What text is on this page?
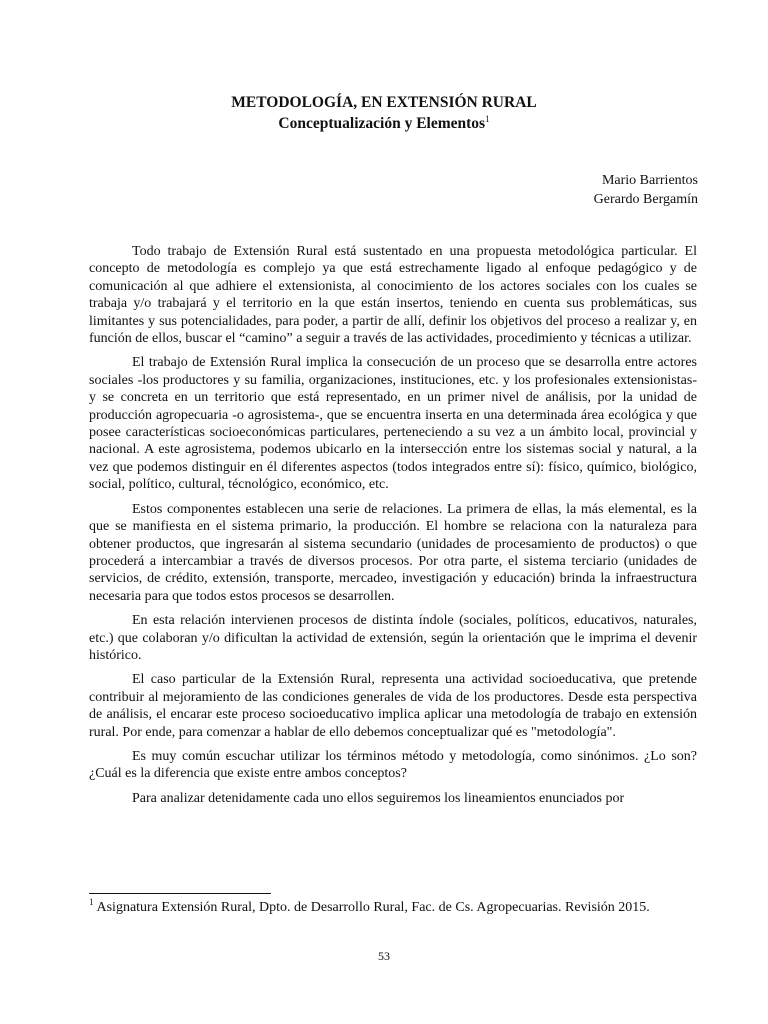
METODOLOGÍA, EN EXTENSIÓN RURAL
Conceptualización y Elementos$^1$
Mario Barrientos
Gerardo Bergamín

Todo trabajo de Extensión Rural está sustentado en una propuesta metodológica particular. El concepto de metodología es complejo ya que está estrechamente ligado al enfoque pedagógico y de comunicación al que adhiere el extensionista, al conocimiento de los actores sociales con los cuales se trabaja y/o trabajará y el territorio en la que están insertos, teniendo en cuenta sus problemáticas, sus limitantes y sus potencialidades, para poder, a partir de allí, definir los objetivos del proceso a realizar y, en función de ellos, buscar el “camino” a seguir a través de las actividades, procedimiento y técnicas a utilizar.

El trabajo de Extensión Rural implica la consecución de un proceso que se desarrolla entre actores sociales -los productores y su familia, organizaciones, instituciones, etc. y los profesionales extensionistas- y se concreta en un territorio que está representado, en un primer nivel de análisis, por la unidad de producción agropecuaria -o agrosistema-, que se encuentra inserta en una determinada área ecológica y que posee características socioeconómicas particulares, perteneciendo a su vez a un ámbito local, provincial y nacional. A este agrosistema, podemos ubicarlo en la intersección entre los sistemas social y natural, a la vez que podemos distinguir en él diferentes aspectos (todos integrados entre sí): físico, químico, biológico, social, político, cultural, técnológico, económico, etc.

Estos componentes establecen una serie de relaciones. La primera de ellas, la más elemental, es la que se manifiesta en el sistema primario, la producción. El hombre se relaciona con la naturaleza para obtener productos, que ingresarán al sistema secundario (unidades de procesamiento de productos) o que procederá a intercambiar a través de diversos procesos. Por otra parte, el sistema terciario (unidades de servicios, de crédito, extensión, transporte, mercadeo, investigación y educación) brinda la infraestructura necesaria para que todos estos procesos se desarrollen.

En esta relación intervienen procesos de distinta índole (sociales, políticos, educativos, naturales, etc.) que colaboran y/o dificultan la actividad de extensión, según la orientación que le imprima el devenir histórico.

El caso particular de la Extensión Rural, representa una actividad socioeducativa, que pretende contribuir al mejoramiento de las condiciones generales de vida de los productores. Desde esta perspectiva de análisis, el encarar este proceso socioeducativo implica aplicar una metodología de trabajo en extensión rural. Por ende, para comenzar a hablar de ello debemos conceptualizar qué es "metodología".

Es muy común escuchar utilizar los términos método y metodología, como sinónimos. ¿Lo son? ¿Cuál es la diferencia que existe entre ambos conceptos?

Para analizar detenidamente cada uno ellos seguiremos los lineamientos enunciados por

$^1$ Asignatura Extensión Rural, Dpto. de Desarrollo Rural, Fac. de Cs. Agropecuarias. Revisión 2015.
53
